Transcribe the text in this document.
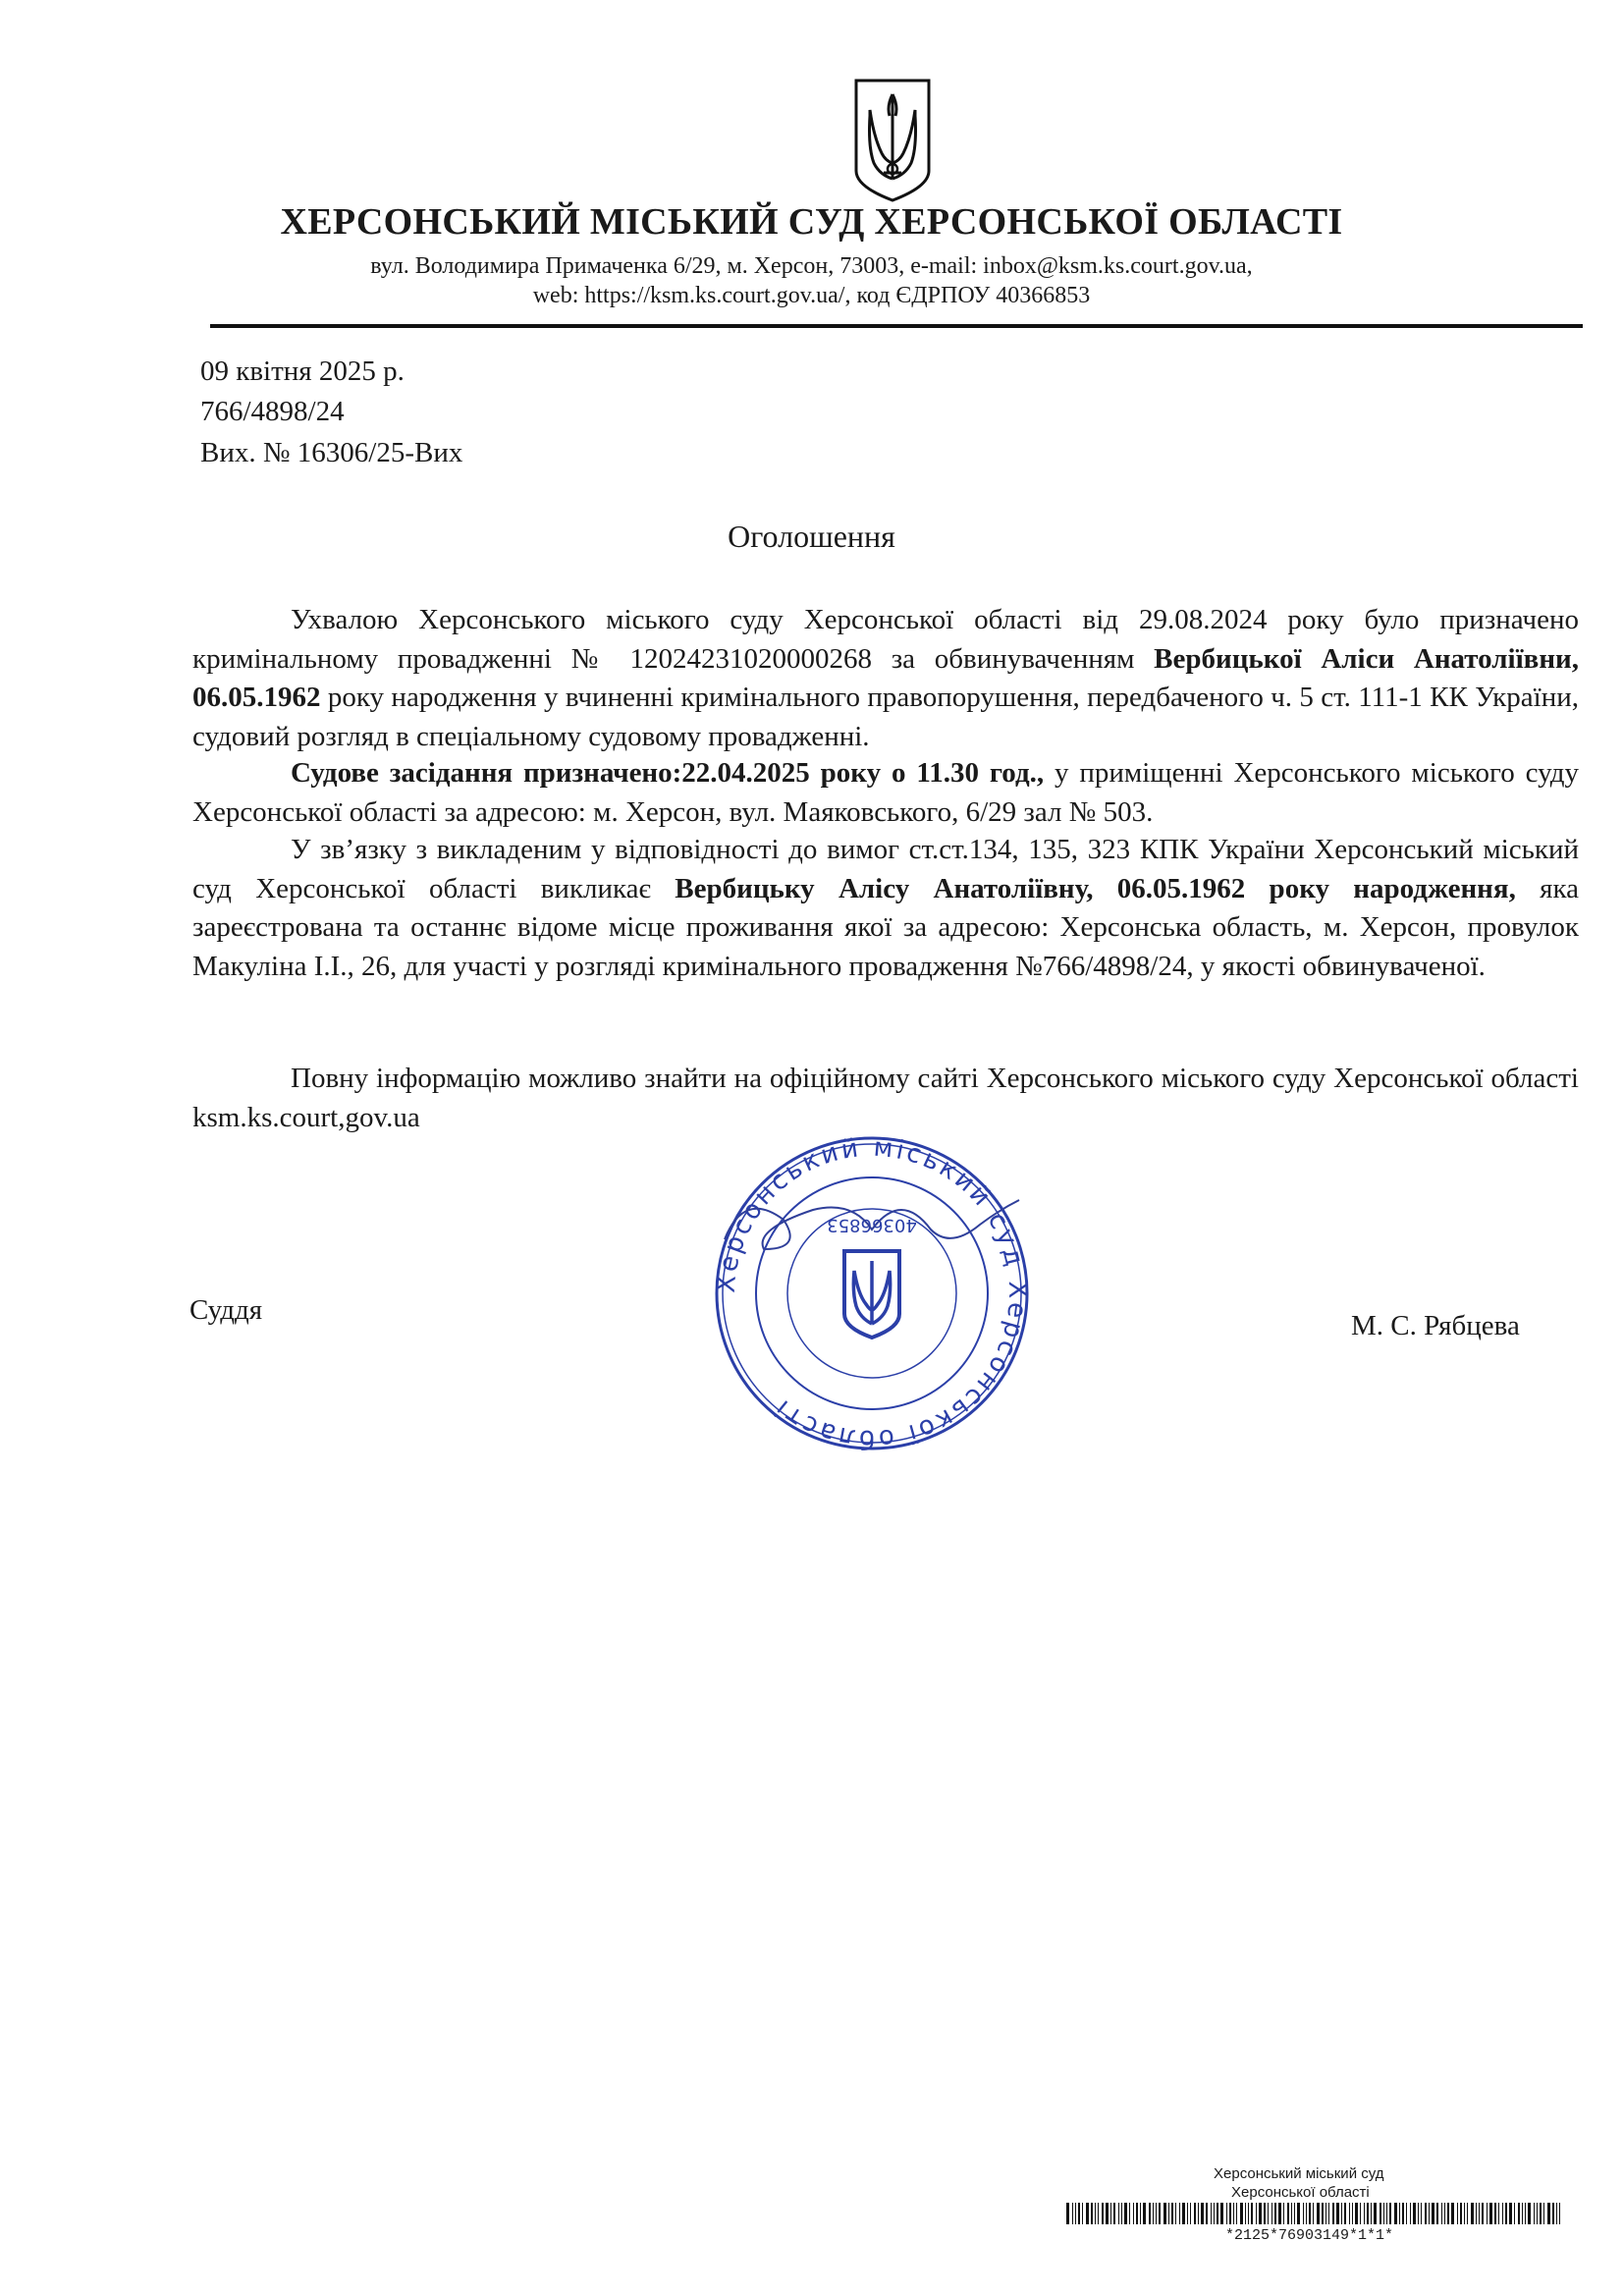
ХЕРСОНСЬКИЙ МІСЬКИЙ СУД ХЕРСОНСЬКОЇ ОБЛАСТІ
вул. Володимира Примаченка 6/29, м. Херсон, 73003, e-mail: inbox@ksm.ks.court.gov.ua,
web: https://ksm.ks.court.gov.ua/, код ЄДРПОУ 40366853
09 квітня 2025 р.
766/4898/24
Вих. № 16306/25-Вих
Оголошення

Ухвалою Херсонського міського суду Херсонської області від 29.08.2024 року було призначено кримінальному провадженні № 12024231020000268 за обвинуваченням Вербицької Аліси Анатоліївни, 06.05.1962 року народження у вчиненні кримінального правопорушення, передбаченого ч. 5 ст. 111-1 КК України, судовий розгляд в спеціальному судовому провадженні.

Судове засідання призначено:22.04.2025 року о 11.30 год., у приміщенні Херсонського міського суду Херсонської області за адресою: м. Херсон, вул. Маяковського, 6/29 зал № 503.

У зв’язку з викладеним у відповідності до вимог ст.ст.134, 135, 323 КПК України Херсонський міський суд Херсонської області викликає Вербицьку Алісу Анатоліївну, 06.05.1962 року народження, яка зареєстрована та останнє відоме місце проживання якої за адресою: Херсонська область, м. Херсон, провулок Макуліна І.І., 26, для участі у розгляді кримінального провадження №766/4898/24, у якості обвинуваченої.

Повну інформацію можливо знайти на офіційному сайті Херсонського міського суду Херсонської області ksm.ks.court,gov.ua

Херсонський міський суд Херсонської області
40366853
Суддя	М. С. Рябцева
Херсонський міський суд
Херсонської області
*2125*76903149*1*1*
